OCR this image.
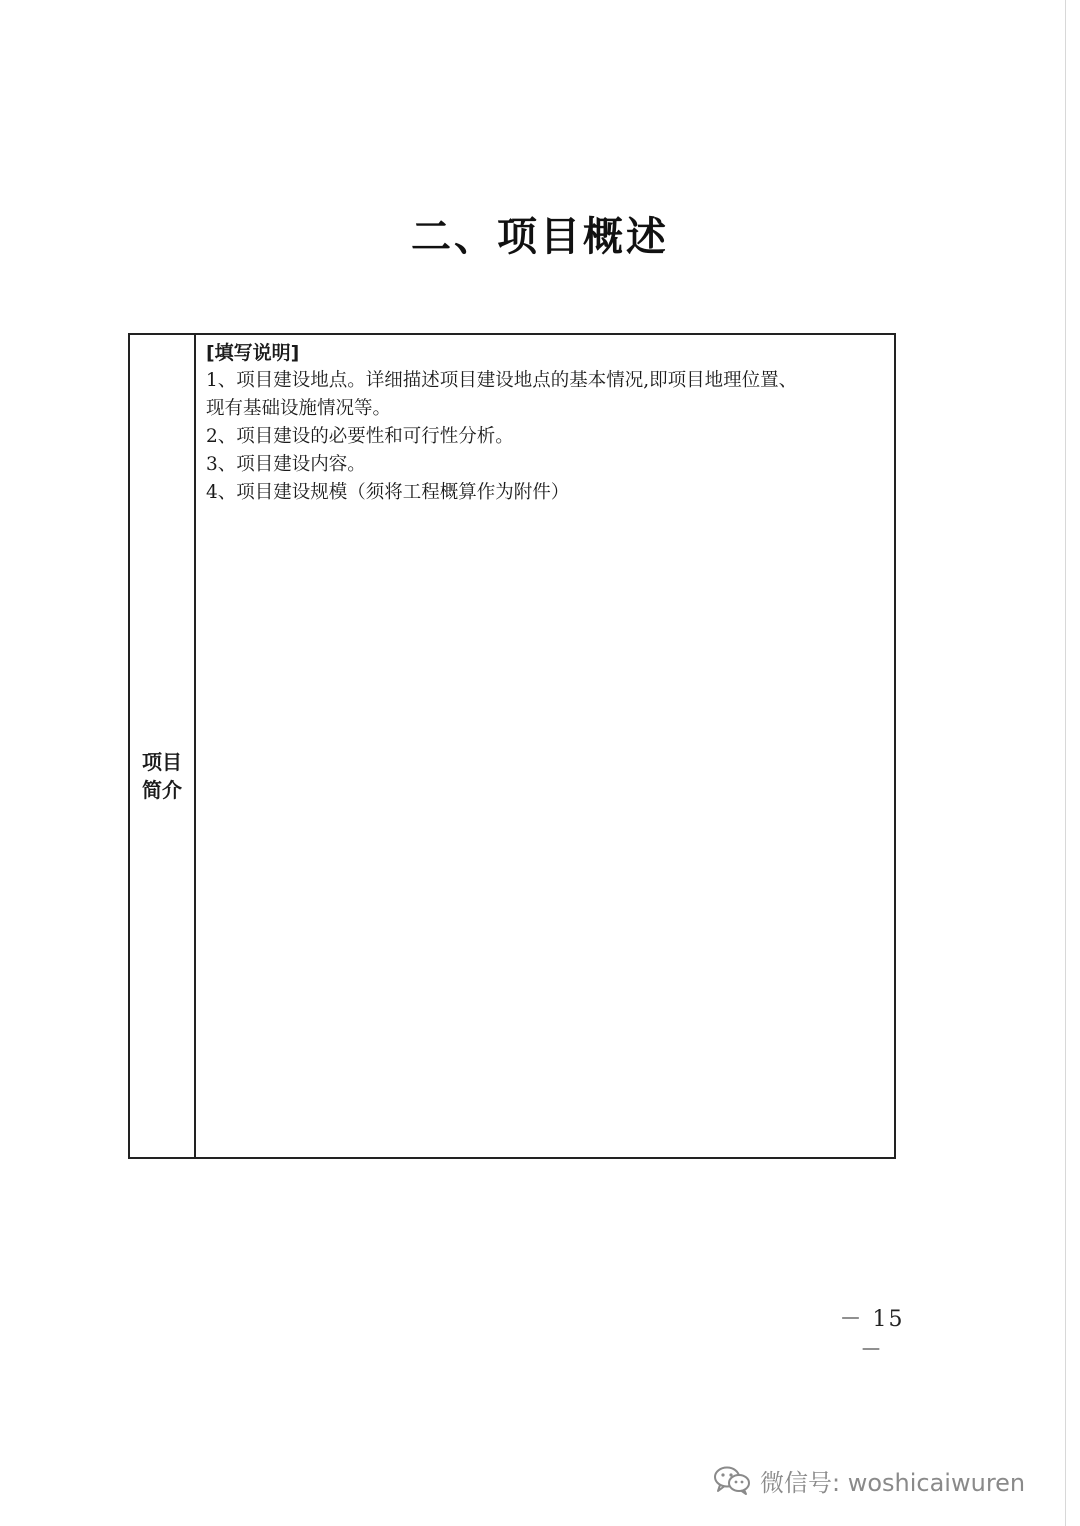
二、项目概述
项目
简介
[填写说明]
1、项目建设地点。详细描述项目建设地点的基本情况,即项目地理位置、
现有基础设施情况等。
2、项目建设的必要性和可行性分析。
3、项目建设内容。
4、项目建设规模（须将工程概算作为附件）
－ 15 －
微信号: woshicaiwuren
